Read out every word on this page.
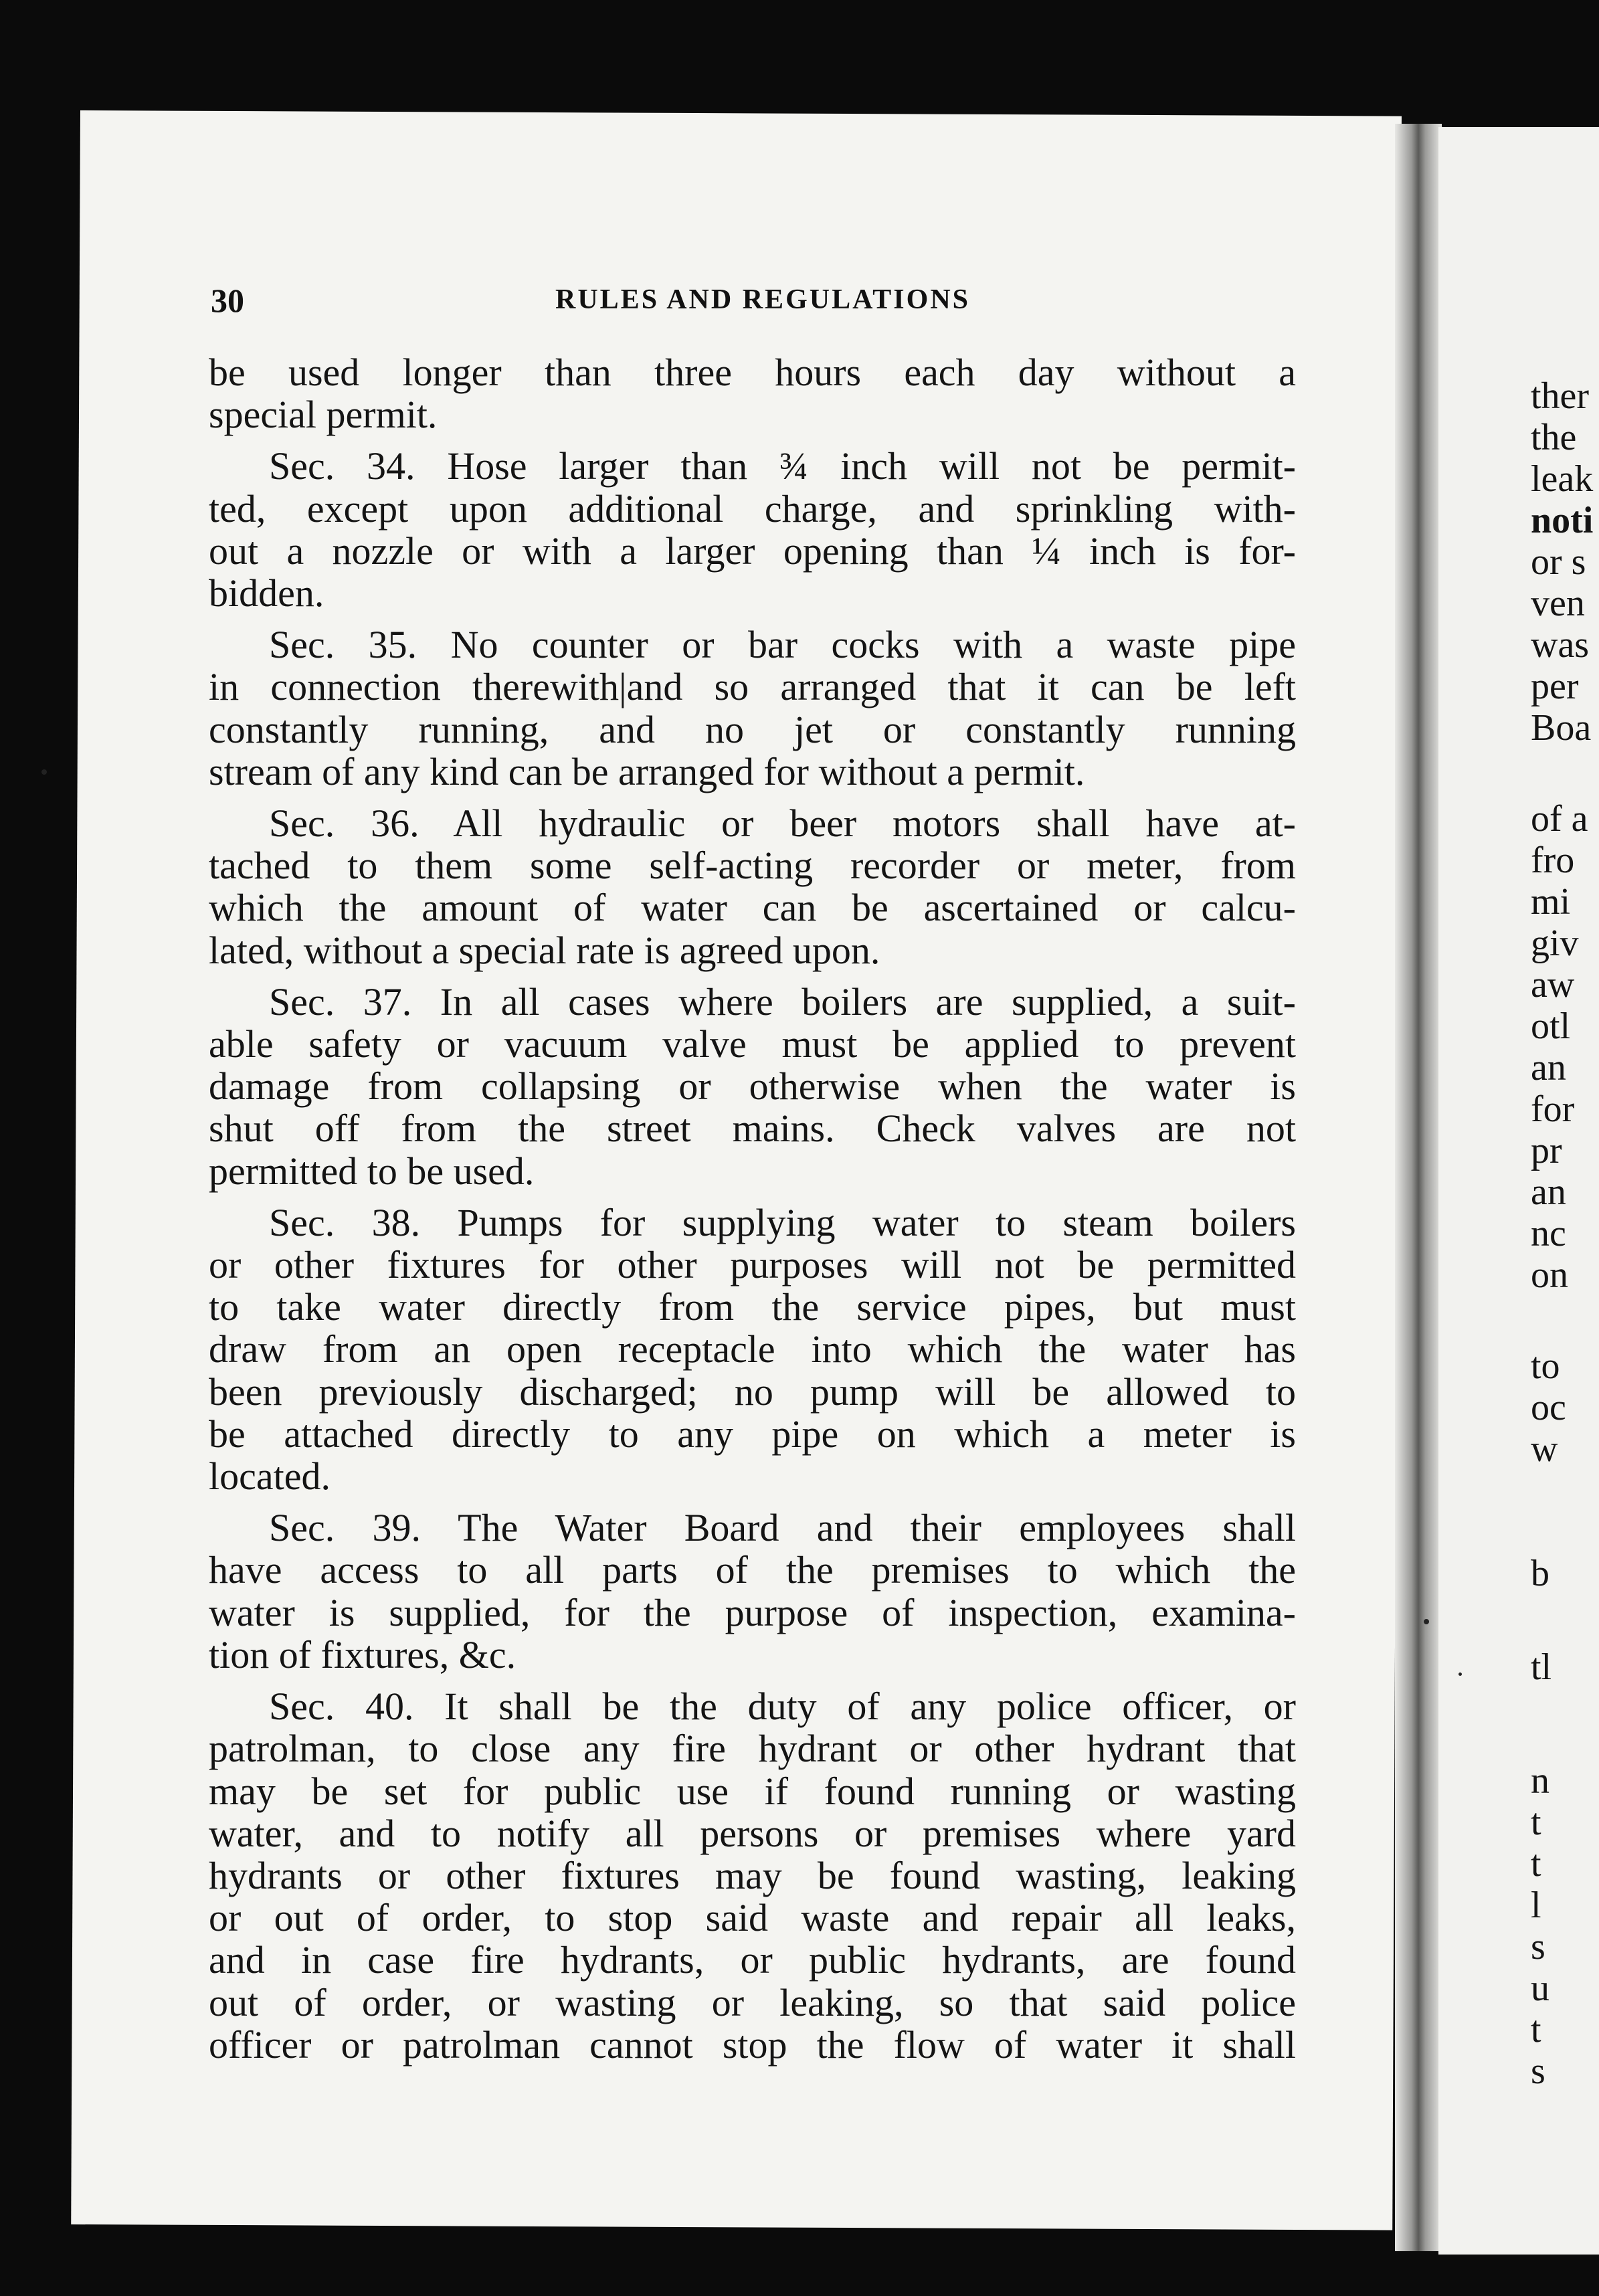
30	RULES AND REGULATIONS
be used longer than three hours each day without a
special permit.
Sec. 34. Hose larger than ¾ inch will not be permit-
ted, except upon additional charge, and sprinkling with-
out a nozzle or with a larger opening than ¼ inch is for-
bidden.
Sec. 35. No counter or bar cocks with a waste pipe
in connection therewith|and so arranged that it can be left
constantly running, and no jet or constantly running
stream of any kind can be arranged for without a permit.
Sec. 36. All hydraulic or beer motors shall have at-
tached to them some self-acting recorder or meter, from
which the amount of water can be ascertained or calcu-
lated, without a special rate is agreed upon.
Sec. 37. In all cases where boilers are supplied, a suit-
able safety or vacuum valve must be applied to prevent
damage from collapsing or otherwise when the water is
shut off from the street mains. Check valves are not
permitted to be used.
Sec. 38. Pumps for supplying water to steam boilers
or other fixtures for other purposes will not be permitted
to take water directly from the service pipes, but must
draw from an open receptacle into which the water has
been previously discharged; no pump will be allowed to
be attached directly to any pipe on which a meter is
located.
Sec. 39. The Water Board and their employees shall
have access to all parts of the premises to which the
water is supplied, for the purpose of inspection, examina-
tion of fixtures, &c.
Sec. 40. It shall be the duty of any police officer, or
patrolman, to close any fire hydrant or other hydrant that
may be set for public use if found running or wasting
water, and to notify all persons or premises where yard
hydrants or other fixtures may be found wasting, leaking
or out of order, to stop said waste and repair all leaks,
and in case fire hydrants, or public hydrants, are found
out of order, or wasting or leaking, so that said police
officer or patrolman cannot stop the flow of water it shall
ther
the
leak
noti
or s
ven
was
per
Boa
of a
fro
mi
giv
aw
otl
an
for
pr
an
nc
on
to
oc
w
b
tl
n
t
t
l
s
u
t
s
